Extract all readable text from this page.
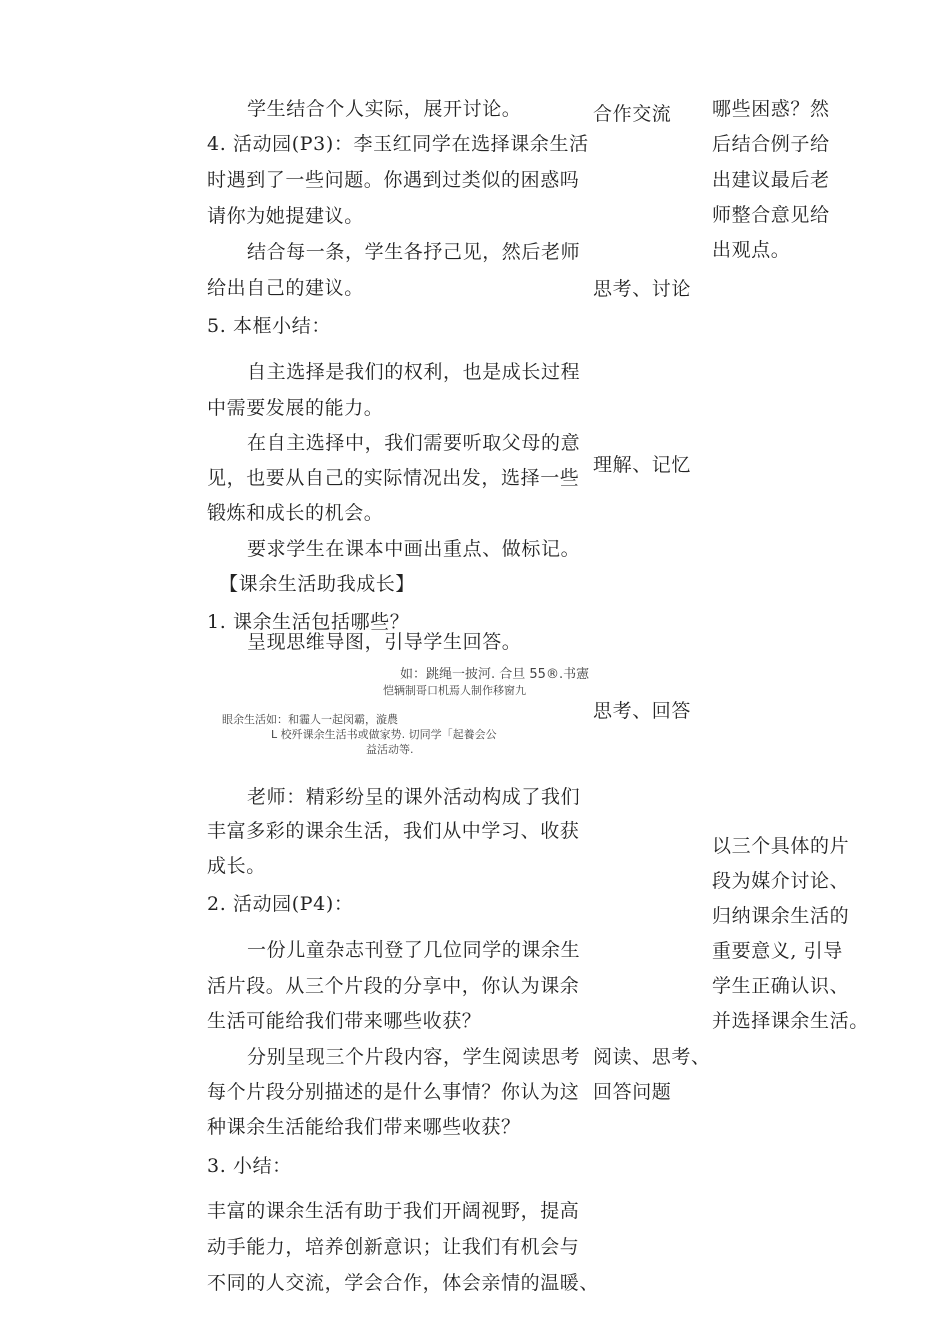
学生结合个人实际，展开讨论。
4. 活动园(P3)：李玉红同学在选择课余生活
时遇到了一些问题。你遇到过类似的困惑吗
请你为她提建议。
结合每一条，学生各抒己见，然后老师
给出自己的建议。
5. 本框小结：
自主选择是我们的权利，也是成长过程
中需要发展的能力。
在自主选择中，我们需要听取父母的意
见，也要从自己的实际情况出发，选择一些
锻炼和成长的机会。
要求学生在课本中画出重点、做标记。
【课余生活助我成长】
1. 课余生活包括哪些？
呈现思维导图，引导学生回答。
如：跳绳一披河. 合旦 55®.书憲
恺辆制哥口机焉人制作移窗九
眼余生活如：和霾人一起闵霸，漩農
L 校歼课余生活书或做家势. 切同学「起養会公
益活动等.
老师：精彩纷呈的课外活动构成了我们
丰富多彩的课余生活，我们从中学习、收获
成长。
2. 活动园(P4)：
一份儿童杂志刊登了几位同学的课余生
活片段。从三个片段的分享中，你认为课余
生活可能给我们带来哪些收获？
分别呈现三个片段内容，学生阅读思考
每个片段分别描述的是什么事情？你认为这
种课余生活能给我们带来哪些收获？
3. 小结：
丰富的课余生活有助于我们开阔视野，提高
动手能力，培养创新意识；让我们有机会与
不同的人交流，学会合作，体会亲情的温暖、
合作交流
思考、讨论
理解、记忆
思考、回答
阅读、思考、
回答问题
哪些困惑？然
后结合例子给
出建议最后老
师整合意见给
出观点。
以三个具体的片
段为媒介讨论、
归纳课余生活的
重要意义, 引导
学生正确认识、
并选择课余生活。
